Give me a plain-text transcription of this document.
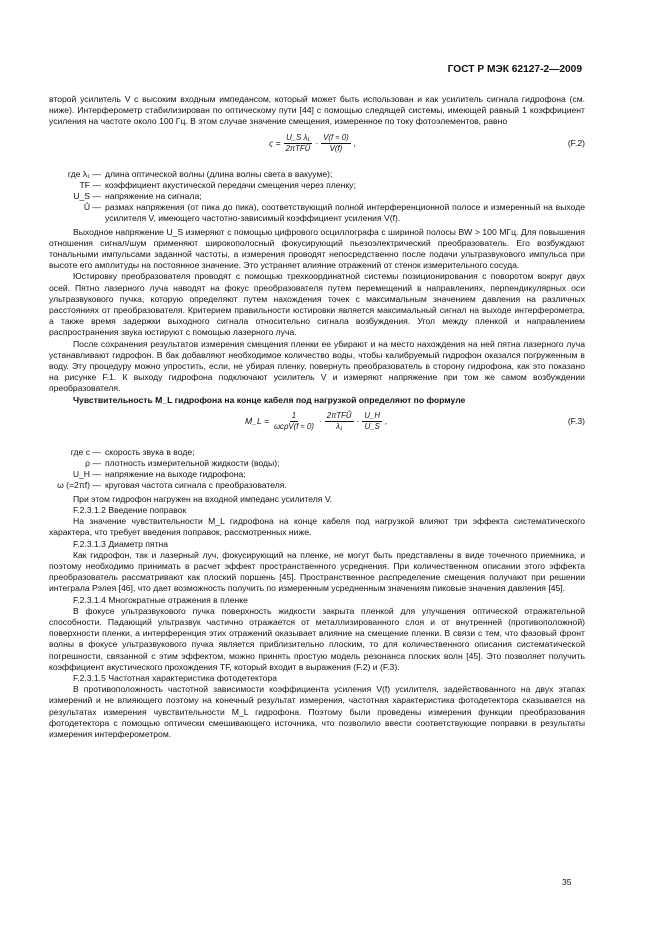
ГОСТ Р МЭК 62127-2—2009

второй усилитель V с высоким входным импедансом, который может быть использован и как усилитель сигнала гидрофона (см. ниже). Интерферометр стабилизирован по оптическому пути [44] с помощью следящей системы, имеющей равный 1 коэффициент усиления на частоте около 100 Гц. В этом случае значение смещения, измеренное по току фотоэлементов, равно

$\varsigma = \frac{\text{U\_S λ₁}}{\text{2πTFÛ}} \cdot \frac{V(f \approx 0)}{V(f)}$ ,	(F.2)
где λ₁ — длина оптической волны (длина волны света в вакууме);
TF — коэффициент акустической передачи смещения через пленку;
U_S — напряжение на сигнала;
Û — размах напряжения (от пика до пика), соответствующий полной интерференционной полосе и измеренный на выходе усилителя V, имеющего частотно-зависимый коэффициент усиления V(f).

Выходное напряжение U_S измеряют с помощью цифрового осциллографа с шириной полосы BW > 100 МГц. Для повышения отношения сигнал/шум применяют широкополосный фокусирующий пьезоэлектрический преобразователь. Его возбуждают тональными импульсами заданной частоты, а измерения проводят непосредственно после подачи ультразвукового импульса при высоте его амплитуды на постоянное значение. Это устраняет влияние отражений от стенок измерительного сосуда.

Юстировку преобразователя проводят с помощью трехкоординатной системы позиционирования с поворотом вокруг двух осей. Пятно лазерного луча наводят на фокус преобразователя путем перемещений в направлениях, перпендикулярных оси ультразвукового пучка, которую определяют путем нахождения точек с максимальным значением давления на различных расстояниях от преобразователя. Критерием правильности юстировки является максимальный сигнал на выходе интерферометра, а также время задержки выходного сигнала относительно сигнала возбуждения. Угол между пленкой и направлением распространения звука юстируют с помощью лазерного луча.

После сохранения результатов измерения смещения пленки ее убирают и на место нахождения на ней пятна лазерного луча устанавливают гидрофон. В бак добавляют необходимое количество воды, чтобы калибруемый гидрофон оказался погруженным в воду. Эту процедуру можно упростить, если, не убирая пленку, повернуть преобразователь в сторону гидрофона, как это показано на рисунке F.1. К выходу гидрофона подключают усилитель V и измеряют напряжение при том же самом возбуждении преобразователя.

Чувствительность M_L гидрофона на конце кабеля под нагрузкой определяют по формуле

M_L = $\frac{1}{\text{ωcρV(f ≈ 0)}} \cdot \frac{\text{2πTFÛ}}{\text{λ₁}} \cdot \frac{U\_H}{U\_S}$ ,	(F.3)
где c — скорость звука в воде;
ρ — плотность измерительной жидкости (воды);
U_H — напряжение на выходе гидрофона;
ω (=2πf) — круговая частота сигнала с преобразователя.

При этом гидрофон нагружен на входной импеданс усилителя V.

F.2.3.1.2 Введение поправок

На значение чувствительности M_L гидрофона на конце кабеля под нагрузкой влияют три эффекта систематического характера, что требует введения поправок, рассмотренных ниже.

F.2.3.1.3 Диаметр пятна

Как гидрофон, так и лазерный луч, фокусирующий на пленке, не могут быть представлены в виде точечного приемника, и поэтому необходимо принимать в расчет эффект пространственного усреднения. При количественном описании этого эффекта преобразователь рассматривают как плоский поршень [45]. Пространственное распределение смещения получают при решении интеграла Рэлея [46], что дает возможность получить по измеренным усредненным значениям пиковые значения давления [45].

F.2.3.1.4 Многократные отражения в пленке

В фокусе ультразвукового пучка поверхность жидкости закрыта пленкой для улучшения оптической отражательной способности. Падающий ультразвук частично отражается от металлизированного слоя и от внутренней (противоположной) поверхности пленки, а интерференция этих отражений оказывает влияние на смещение пленки. В связи с тем, что фазовый фронт волны в фокусе ультразвукового пучка является приблизительно плоским, то для количественного описания систематической погрешности, связанной с этим эффектом, можно принять простую модель резонанса плоских волн [45]. Это позволяет получить коэффициент акустического прохождения TF, который входит в выражения (F.2) и (F.3).

F.2.3.1.5 Частотная характеристика фотодетектора

В противоположность частотной зависимости коэффициента усиления V(f) усилителя, задействованного на двух этапах измерений и не влияющего поэтому на конечный результат измерения, частотная характеристика фотодетектора сказывается на результатах измерения чувствительности M_L гидрофона. Поэтому были проведены измерения функции преобразования фотодетектора с помощью оптически смешивающего источника, что позволило ввести соответствующие поправки в результаты измерения интерферометром.

35
